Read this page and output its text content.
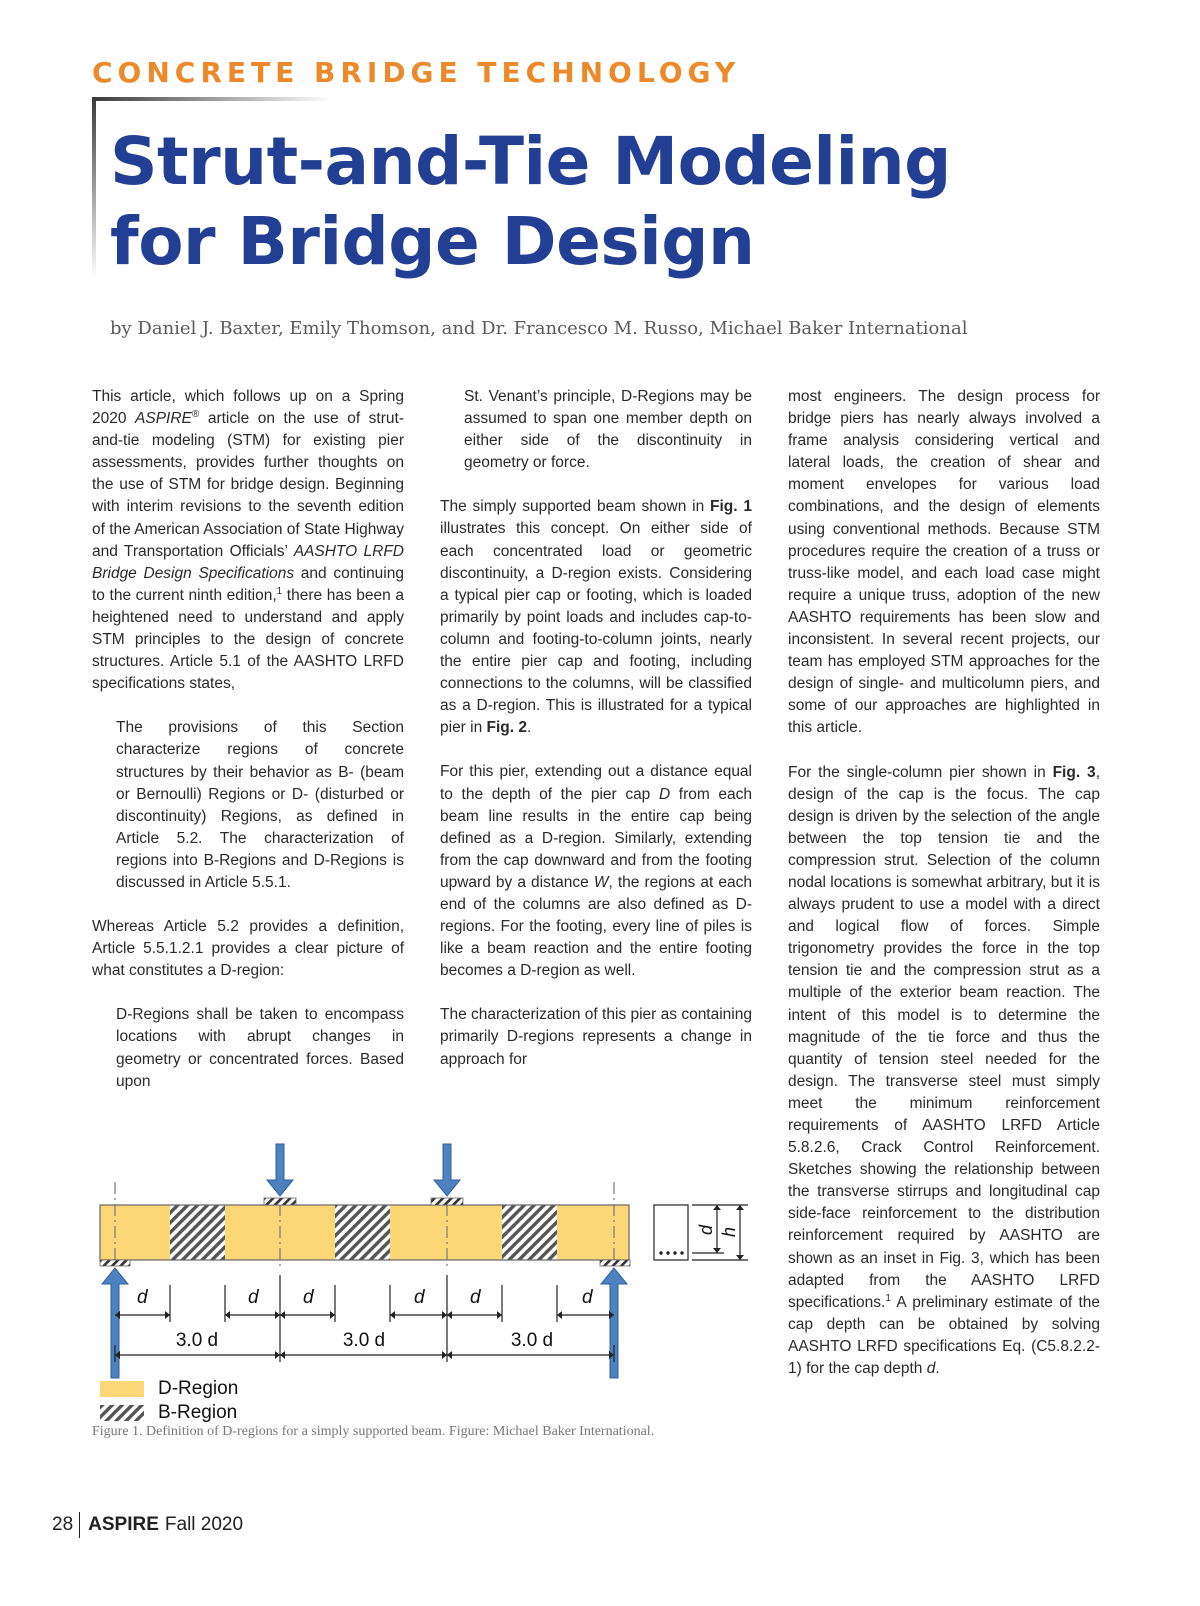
CONCRETE BRIDGE TECHNOLOGY
Strut-and-Tie Modeling
for Bridge Design
by Daniel J. Baxter, Emily Thomson, and Dr. Francesco M. Russo, Michael Baker International

This article, which follows up on a Spring 2020 ASPIRE® article on the use of strut-and-tie modeling (STM) for existing pier assessments, provides further thoughts on the use of STM for bridge design. Beginning with interim revisions to the seventh edition of the American Association of State Highway and Transportation Officials’ AASHTO LRFD Bridge Design Specifications and continuing to the current ninth edition,$^1$ there has been a heightened need to understand and apply STM principles to the design of concrete structures. Article 5.1 of the AASHTO LRFD specifications states,

The provisions of this Section characterize regions of concrete structures by their behavior as B- (beam or Bernoulli) Regions or D- (disturbed or discontinuity) Regions, as defined in Article 5.2. The characterization of regions into B-Regions and D-Regions is discussed in Article 5.5.1.

Whereas Article 5.2 provides a definition, Article 5.5.1.2.1 provides a clear picture of what constitutes a D-region:

D-Regions shall be taken to encompass locations with abrupt changes in geometry or concentrated forces. Based upon

St. Venant’s principle, D-Regions may be assumed to span one member depth on either side of the discontinuity in geometry or force.

The simply supported beam shown in Fig. 1 illustrates this concept. On either side of each concentrated load or geometric discontinuity, a D-region exists. Considering a typical pier cap or footing, which is loaded primarily by point loads and includes cap-to-column and footing-to-column joints, nearly the entire pier cap and footing, including connections to the columns, will be classified as a D-region. This is illustrated for a typical pier in Fig. 2.

For this pier, extending out a distance equal to the depth of the pier cap D from each beam line results in the entire cap being defined as a D-region. Similarly, extending from the cap downward and from the footing upward by a distance W, the regions at each end of the columns are also defined as D-regions. For the footing, every line of piles is like a beam reaction and the entire footing becomes a D-region as well.

The characterization of this pier as containing primarily D-regions represents a change in approach for

most engineers. The design process for bridge piers has nearly always involved a frame analysis considering vertical and lateral loads, the creation of shear and moment envelopes for various load combinations, and the design of elements using conventional methods. Because STM procedures require the creation of a truss or truss-like model, and each load case might require a unique truss, adoption of the new AASHTO requirements has been slow and inconsistent. In several recent projects, our team has employed STM approaches for the design of single- and multicolumn piers, and some of our approaches are highlighted in this article.

For the single-column pier shown in Fig. 3, design of the cap is the focus. The cap design is driven by the selection of the angle between the top tension tie and the compression strut. Selection of the column nodal locations is somewhat arbitrary, but it is always prudent to use a model with a direct and logical flow of forces. Simple trigonometry provides the force in the top tension tie and the compression strut as a multiple of the exterior beam reaction. The intent of this model is to determine the magnitude of the tie force and thus the quantity of tension steel needed for the design. The transverse steel must simply meet the minimum reinforcement requirements of AASHTO LRFD Article 5.8.2.6, Crack Control Reinforcement. Sketches showing the relationship between the transverse stirrups and longitudinal cap side-face reinforcement to the distribution reinforcement required by AASHTO are shown as an inset in Fig. 3, which has been adapted from the AASHTO LRFD specifications.$^1$ A preliminary estimate of the cap depth can be obtained by solving AASHTO LRFD specifications Eq. (C5.8.2.2-1) for the cap depth d.

d	d d	d d	d
3.0 d	3.0 d	3.0 d
d h
D-Region
B-Region
Figure 1. Definition of D-regions for a simply supported beam. Figure: Michael Baker International.
28 ASPIRE Fall 2020
